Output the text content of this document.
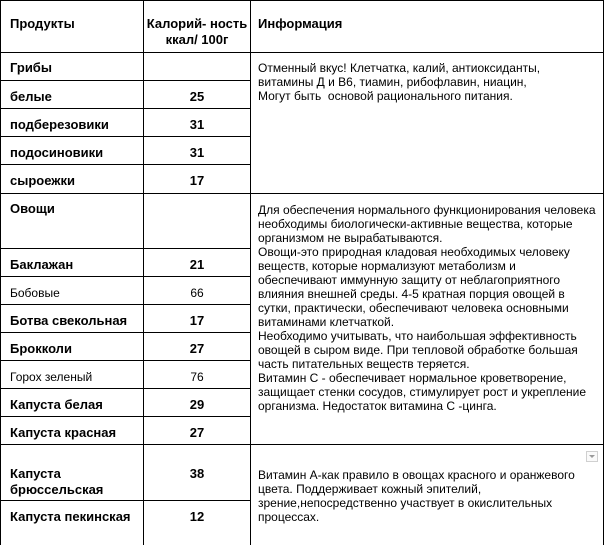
Продукты	Калорий- ность
ккал/ 100г
Информация
Грибы
белые
подберезовики
подосиновики
сыроежки
Овощи
Баклажан
Бобовые
Ботва свекольная
Брокколи
Горох зеленый
Капуста белая
Капуста красная
Капуста
брюссельская
Капуста пекинская
25
31
31
17
21
66
17
27
76
29
27
38
12
Отменный вкус! Клетчатка, калий, антиоксиданты,
витамины Д и В6, тиамин, рибофлавин, ниацин,
Могут быть  основой рационального питания.
Для обеспечения нормального функционирования человека
необходимы биологически-активные вещества, которые
организмом не вырабатываются.
Овощи-это природная кладовая необходимых человеку
веществ, которые нормализуют метаболизм и
обеспечивают иммунную защиту от неблагоприятного
влияния внешней среды. 4-5 кратная порция овощей в
сутки, практически, обеспечивают человека основными
витаминами клетчаткой.
Необходимо учитывать, что наибольшая эффективность
овощей в сыром виде. При тепловой обработке большая
часть питательных веществ теряется.
Витамин С - обеспечивает нормальное кроветворение,
защищает стенки сосудов, стимулирует рост и укрепление
организма. Недостаток витамина С -цинга.
Витамин А-как правило в овощах красного и оранжевого
цвета. Поддерживает кожный эпителий,
зрение,непосредственно участвует в окислительных
процессах.
